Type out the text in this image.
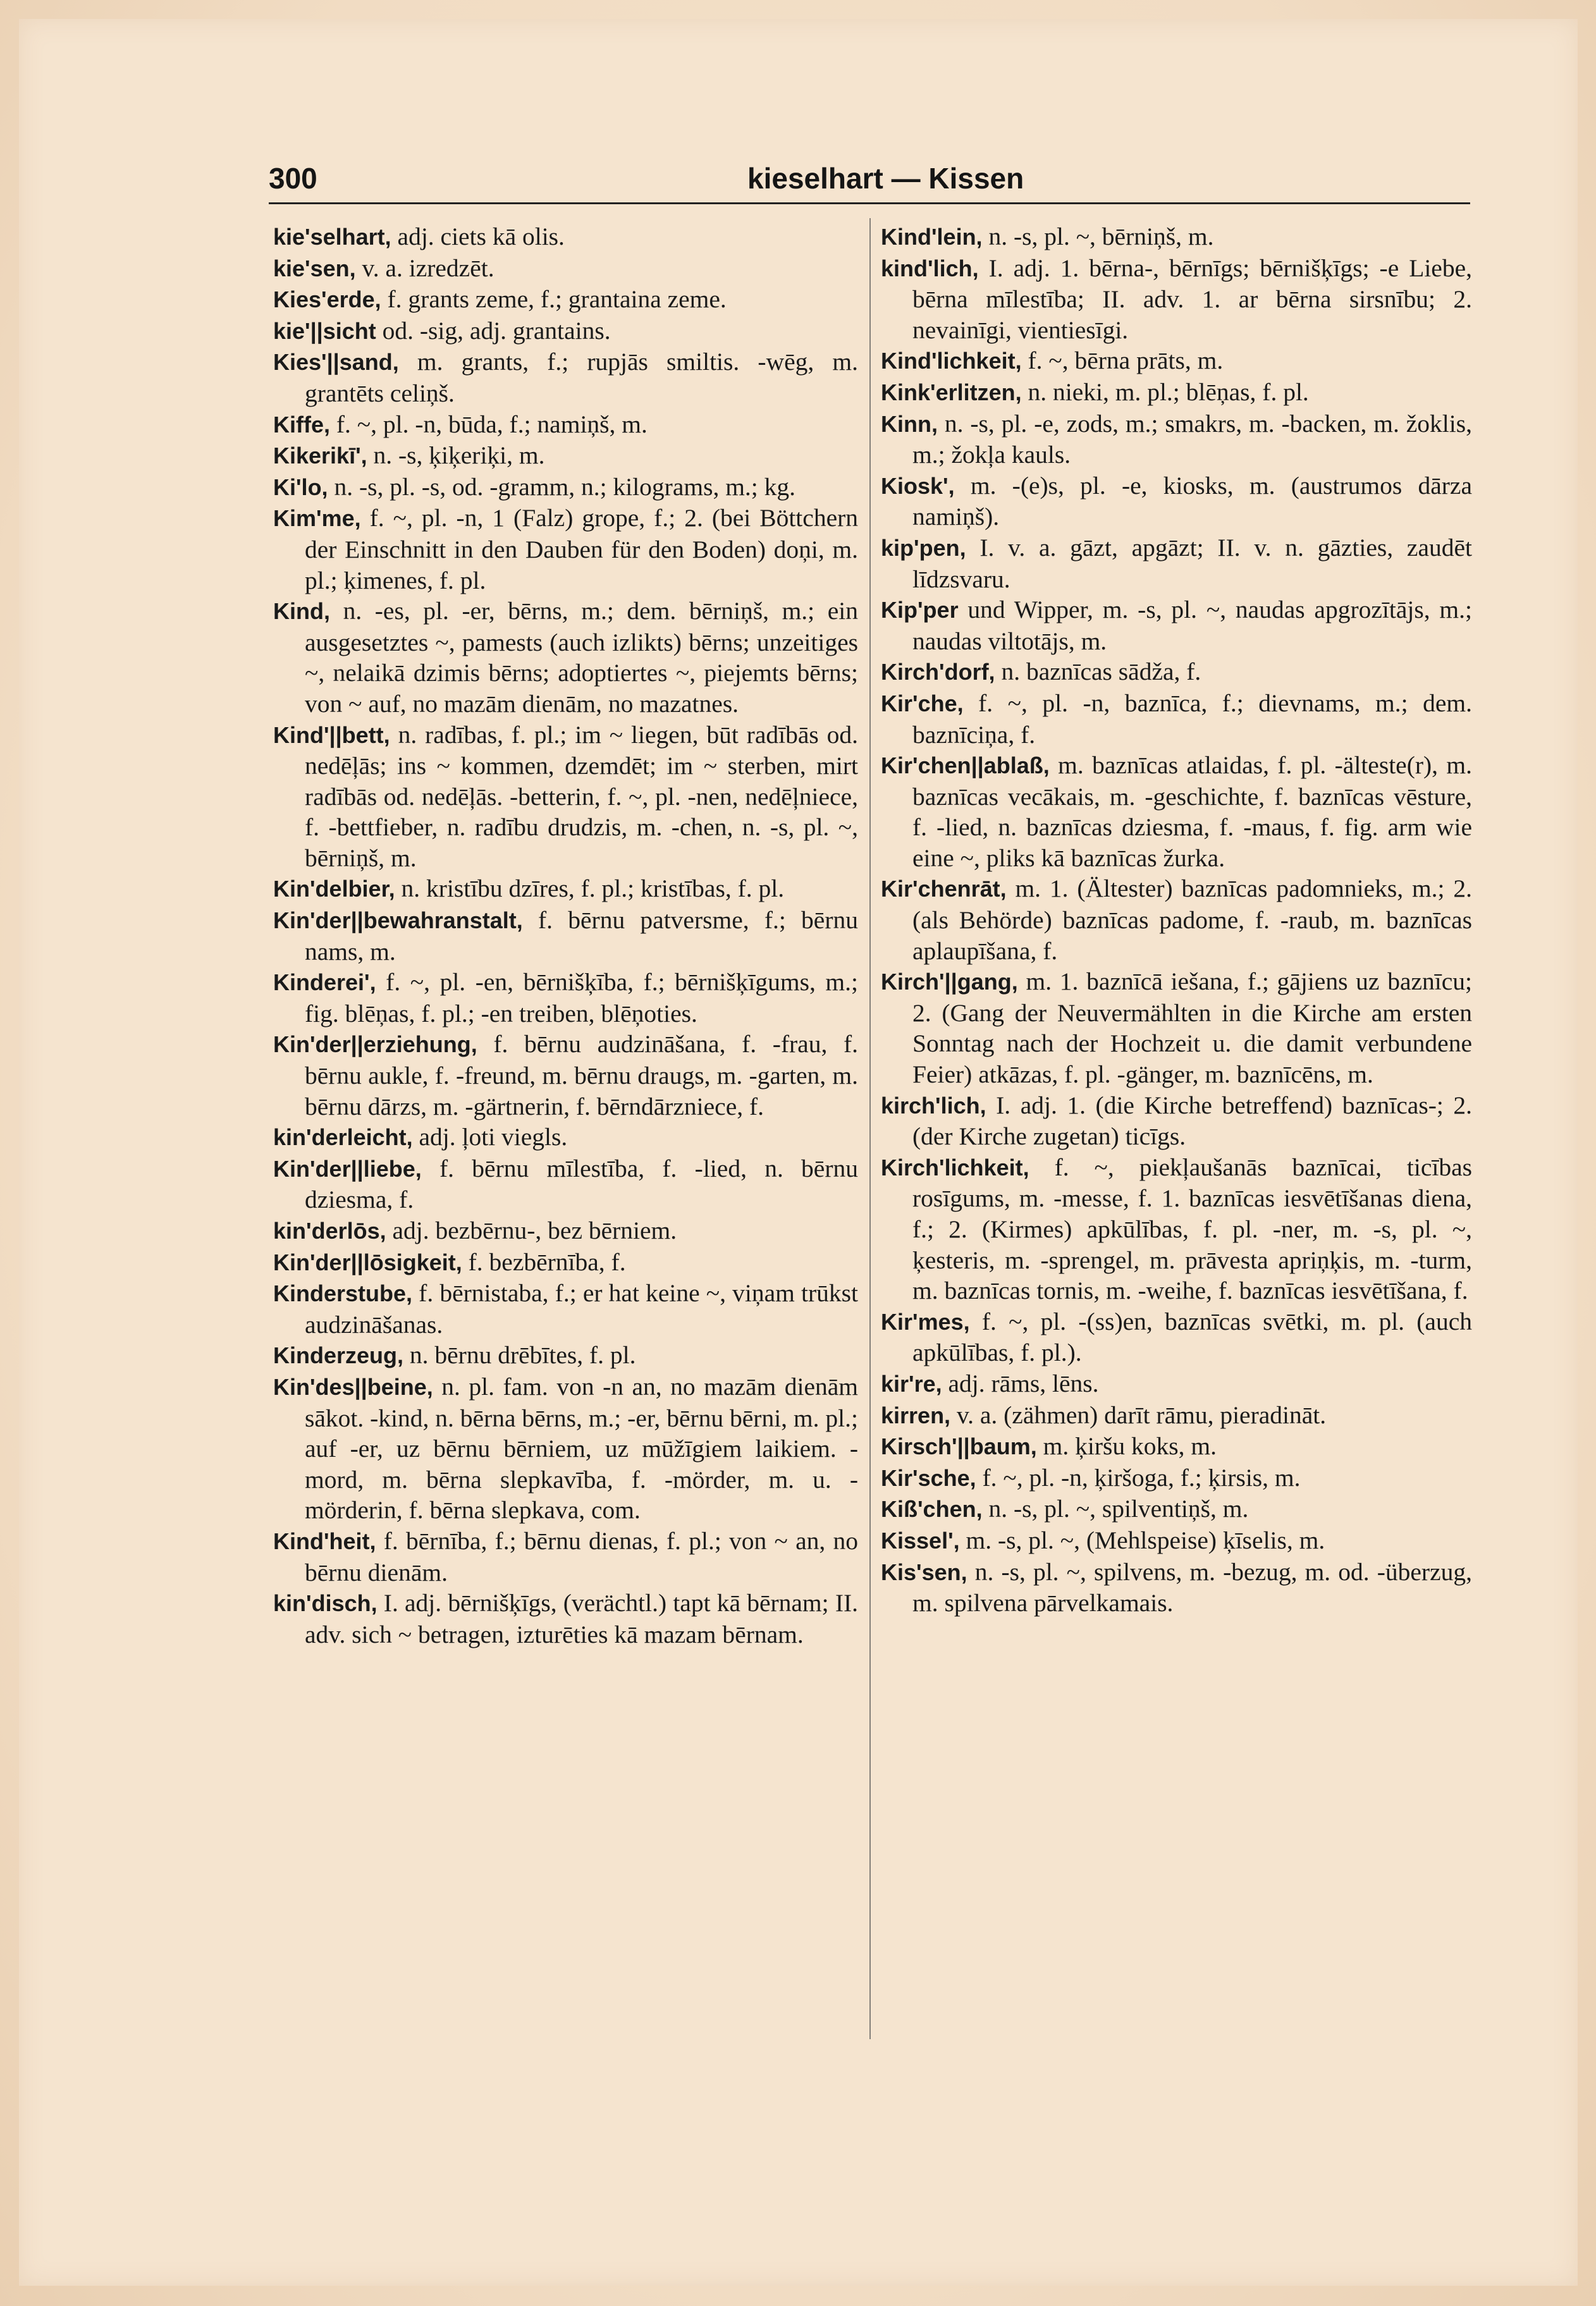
300	kieselhart — Kissen
kie'selhart, adj. ciets kā olis.
kie'sen, v. a. izredzēt.
Kies'erde, f. grants zeme, f.; grantaina zeme.
kie'||sicht od. -sig, adj. grantains.
Kies'||sand, m. grants, f.; rupjās smiltis. -wēg, m. grantēts celiņš.
Kiffe, f. ~, pl. -n, būda, f.; namiņš, m.
Kikerikī', n. -s, ķiķeriķi, m.
Ki'lo, n. -s, pl. -s, od. -gramm, n.; kilograms, m.; kg.
Kim'me, f. ~, pl. -n, 1 (Falz) grope, f.; 2. (bei Böttchern der Einschnitt in den Dauben für den Boden) doņi, m. pl.; ķimenes, f. pl.
Kind, n. -es, pl. -er, bērns, m.; dem. bērniņš, m.; ein ausgesetztes ~, pamests (auch izlikts) bērns; unzeitiges ~, nelaikā dzimis bērns; adoptiertes ~, piejemts bērns; von ~ auf, no mazām dienām, no mazatnes.
Kind'||bett, n. radības, f. pl.; im ~ liegen, būt radībās od. nedēļās; ins ~ kommen, dzemdēt; im ~ sterben, mirt radībās od. nedēļās. -betterin, f. ~, pl. -nen, nedēļniece, f. -bettfieber, n. radību drudzis, m. -chen, n. -s, pl. ~, bērniņš, m.
Kin'delbier, n. kristību dzīres, f. pl.; kristības, f. pl.
Kin'der||bewahranstalt, f. bērnu patversme, f.; bērnu nams, m.
Kinderei', f. ~, pl. -en, bērnišķība, f.; bērnišķīgums, m.; fig. blēņas, f. pl.; -en treiben, blēņoties.
Kin'der||erziehung, f. bērnu audzināšana, f. -frau, f. bērnu aukle, f. -freund, m. bērnu draugs, m. -garten, m. bērnu dārzs, m. -gärtnerin, f. bērndārzniece, f.
kin'derleicht, adj. ļoti viegls.
Kin'der||liebe, f. bērnu mīlestība, f. -lied, n. bērnu dziesma, f.
kin'derlōs, adj. bezbērnu-, bez bērniem.
Kin'der||lōsigkeit, f. bezbērnība, f.
Kinderstube, f. bērnistaba, f.; er hat keine ~, viņam trūkst audzināšanas.
Kinderzeug, n. bērnu drēbītes, f. pl.
Kin'des||beine, n. pl. fam. von -n an, no mazām dienām sākot. -kind, n. bērna bērns, m.; -er, bērnu bērni, m. pl.; auf -er, uz bērnu bērniem, uz mūžīgiem laikiem. -mord, m. bērna slepkavība, f. -mörder, m. u. -mörderin, f. bērna slepkava, com.
Kind'heit, f. bērnība, f.; bērnu dienas, f. pl.; von ~ an, no bērnu dienām.
kin'disch, I. adj. bērnišķīgs, (verächtl.) tapt kā bērnam; II. adv. sich ~ betragen, izturēties kā mazam bērnam.
Kind'lein, n. -s, pl. ~, bērniņš, m.
kind'lich, I. adj. 1. bērna-, bērnīgs; bērnišķīgs; -e Liebe, bērna mīlestība; II. adv. 1. ar bērna sirsnību; 2. nevainīgi, vientiesīgi.
Kind'lichkeit, f. ~, bērna prāts, m.
Kink'erlitzen, n. nieki, m. pl.; blēņas, f. pl.
Kinn, n. -s, pl. -e, zods, m.; smakrs, m. -backen, m. žoklis, m.; žokļa kauls.
Kiosk', m. -(e)s, pl. -e, kiosks, m. (austrumos dārza namiņš).
kip'pen, I. v. a. gāzt, apgāzt; II. v. n. gāzties, zaudēt līdzsvaru.
Kip'per und Wipper, m. -s, pl. ~, naudas apgrozītājs, m.; naudas viltotājs, m.
Kirch'dorf, n. baznīcas sādža, f.
Kir'che, f. ~, pl. -n, baznīca, f.; dievnams, m.; dem. baznīciņa, f.
Kir'chen||ablaß, m. baznīcas atlaidas, f. pl. -älteste(r), m. baznīcas vecākais, m. -geschichte, f. baznīcas vēsture, f. -lied, n. baznīcas dziesma, f. -maus, f. fig. arm wie eine ~, pliks kā baznīcas žurka.
Kir'chenrāt, m. 1. (Ältester) baznīcas padomnieks, m.; 2. (als Behörde) baznīcas padome, f. -raub, m. baznīcas aplaupīšana, f.
Kirch'||gang, m. 1. baznīcā iešana, f.; gājiens uz baznīcu; 2. (Gang der Neuvermählten in die Kirche am ersten Sonntag nach der Hochzeit u. die damit verbundene Feier) atkāzas, f. pl. -gänger, m. baznīcēns, m.
kirch'lich, I. adj. 1. (die Kirche betreffend) baznīcas-; 2. (der Kirche zugetan) ticīgs.
Kirch'lichkeit, f. ~, piekļaušanās baznīcai, ticības rosīgums, m. -messe, f. 1. baznīcas iesvētīšanas diena, f.; 2. (Kirmes) apkūlības, f. pl. -ner, m. -s, pl. ~, ķesteris, m. -sprengel, m. prāvesta apriņķis, m. -turm, m. baznīcas tornis, m. -weihe, f. baznīcas iesvētīšana, f.
Kir'mes, f. ~, pl. -(ss)en, baznīcas svētki, m. pl. (auch apkūlības, f. pl.).
kir're, adj. rāms, lēns.
kirren, v. a. (zähmen) darīt rāmu, pieradināt.
Kirsch'||baum, m. ķiršu koks, m.
Kir'sche, f. ~, pl. -n, ķiršoga, f.; ķirsis, m.
Kiß'chen, n. -s, pl. ~, spilventiņš, m.
Kissel', m. -s, pl. ~, (Mehlspeise) ķīselis, m.
Kis'sen, n. -s, pl. ~, spilvens, m. -bezug, m. od. -überzug, m. spilvena pārvelkamais.
